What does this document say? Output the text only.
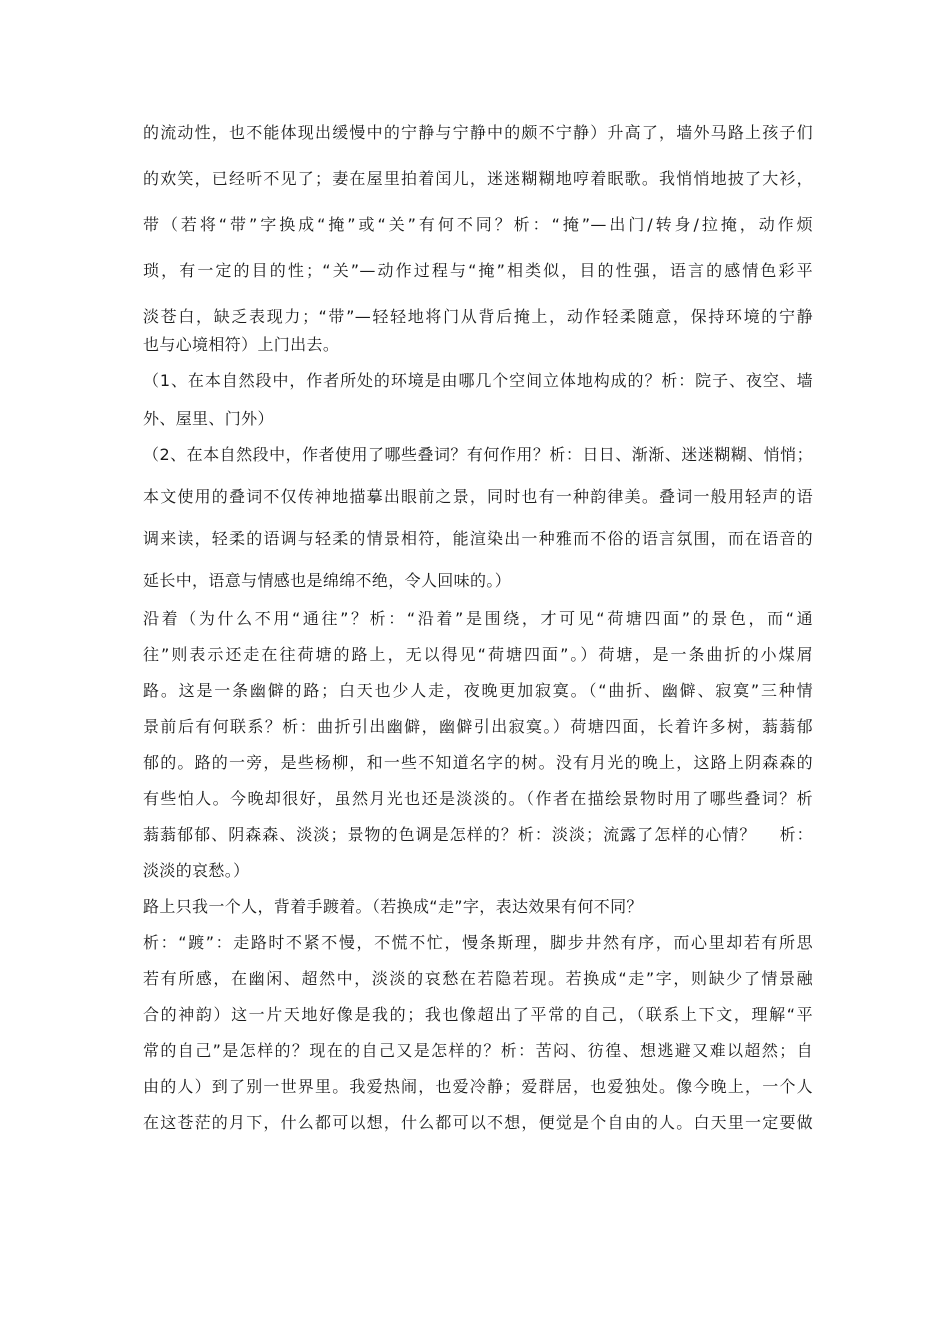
的流动性，也不能体现出缓慢中的宁静与宁静中的颇不宁静）升高了，墙外马路上孩子们
的欢笑，已经听不见了；妻在屋里拍着闰儿，迷迷糊糊地哼着眠歌。我悄悄地披了大衫，
带（若将“带”字换成“掩”或“关”有何不同？析：“掩”—出门/转身/拉掩，动作烦
琐，有一定的目的性；“关”—动作过程与“掩”相类似，目的性强，语言的感情色彩平
淡苍白，缺乏表现力；“带”—轻轻地将门从背后掩上，动作轻柔随意，保持环境的宁静
也与心境相符）上门出去。
（1、在本自然段中，作者所处的环境是由哪几个空间立体地构成的？析：院子、夜空、墙
外、屋里、门外）
（2、在本自然段中，作者使用了哪些叠词？有何作用？析：日日、渐渐、迷迷糊糊、悄悄；
本文使用的叠词不仅传神地描摹出眼前之景，同时也有一种韵律美。叠词一般用轻声的语
调来读，轻柔的语调与轻柔的情景相符，能渲染出一种雅而不俗的语言氛围，而在语音的
延长中，语意与情感也是绵绵不绝，令人回味的。）
沿着（为什么不用“通往”？析：“沿着”是围绕，才可见“荷塘四面”的景色，而“通
往”则表示还走在往荷塘的路上，无以得见“荷塘四面”。）荷塘，是一条曲折的小煤屑
路。这是一条幽僻的路；白天也少人走，夜晚更加寂寞。（“曲折、幽僻、寂寞”三种情
景前后有何联系？析：曲折引出幽僻，幽僻引出寂寞。）荷塘四面，长着许多树，蓊蓊郁
郁的。路的一旁，是些杨柳，和一些不知道名字的树。没有月光的晚上，这路上阴森森的
有些怕人。今晚却很好，虽然月光也还是淡淡的。（作者在描绘景物时用了哪些叠词？析
蓊蓊郁郁、阴森森、淡淡；景物的色调是怎样的？析：淡淡；流露了怎样的心情？　 析：
淡淡的哀愁。）
路上只我一个人，背着手踱着。（若换成“走”字，表达效果有何不同？
析：“踱”：走路时不紧不慢，不慌不忙，慢条斯理，脚步井然有序，而心里却若有所思
若有所感，在幽闲、超然中，淡淡的哀愁在若隐若现。若换成“走”字，则缺少了情景融
合的神韵）这一片天地好像是我的；我也像超出了平常的自己，（联系上下文，理解“平
常的自己”是怎样的？现在的自己又是怎样的？析：苦闷、彷徨、想逃避又难以超然；自
由的人）到了别一世界里。我爱热闹，也爱冷静；爱群居，也爱独处。像今晚上，一个人
在这苍茫的月下，什么都可以想，什么都可以不想，便觉是个自由的人。白天里一定要做
